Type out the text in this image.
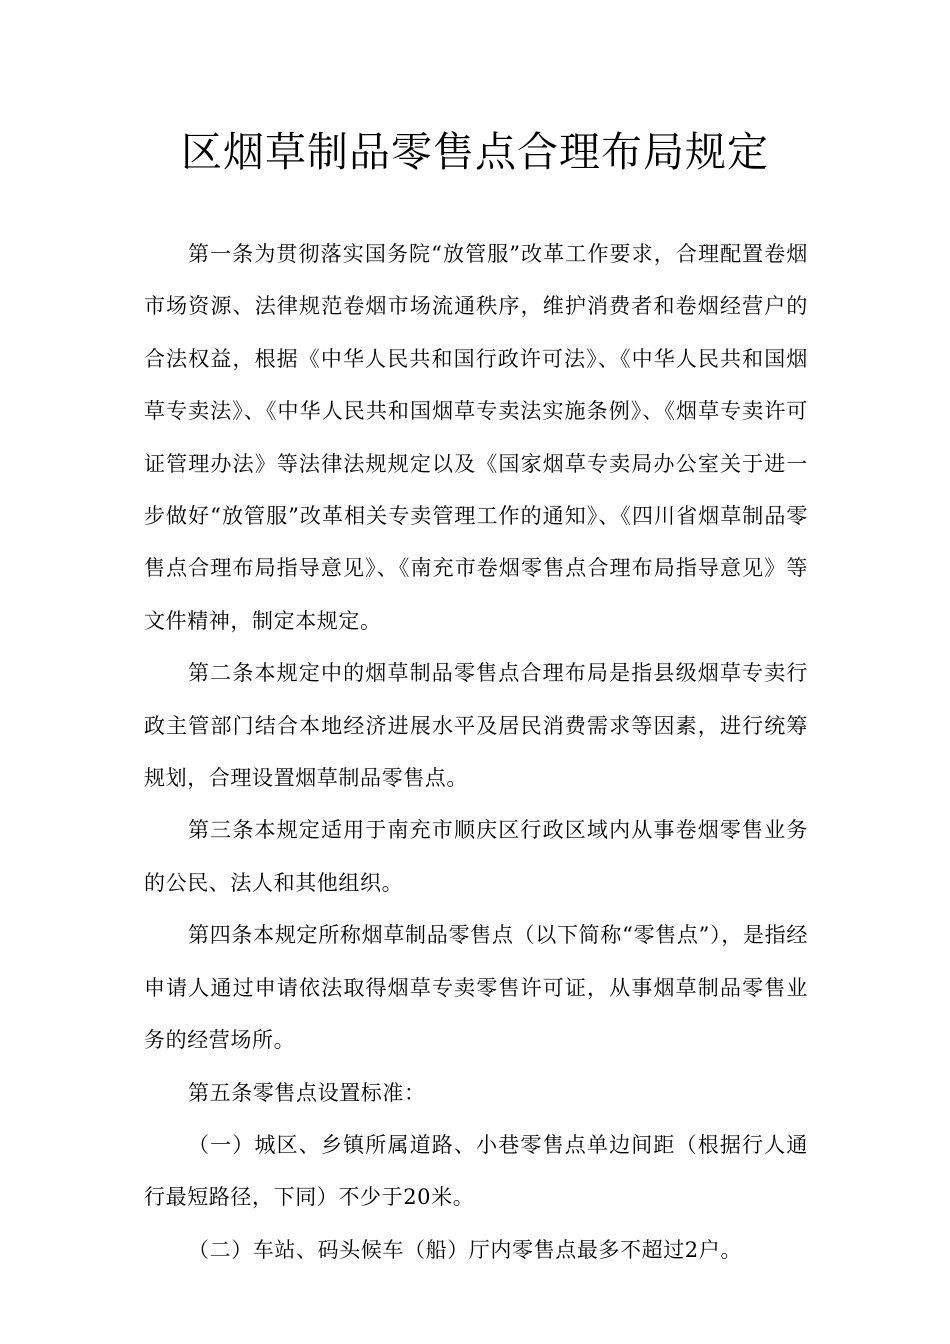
区烟草制品零售点合理布局规定

第一条为贯彻落实国务院“放管服”改革工作要求，合理配置卷烟市场资源、法律规范卷烟市场流通秩序，维护消费者和卷烟经营户的合法权益，根据《中华人民共和国行政许可法》、《中华人民共和国烟草专卖法》、《中华人民共和国烟草专卖法实施条例》、《烟草专卖许可证管理办法》等法律法规规定以及《国家烟草专卖局办公室关于进一步做好“放管服”改革相关专卖管理工作的通知》、《四川省烟草制品零售点合理布局指导意见》、《南充市卷烟零售点合理布局指导意见》等文件精神，制定本规定。

第二条本规定中的烟草制品零售点合理布局是指县级烟草专卖行政主管部门结合本地经济进展水平及居民消费需求等因素，进行统筹规划，合理设置烟草制品零售点。

第三条本规定适用于南充市顺庆区行政区域内从事卷烟零售业务的公民、法人和其他组织。

第四条本规定所称烟草制品零售点（以下简称“零售点”），是指经申请人通过申请依法取得烟草专卖零售许可证，从事烟草制品零售业务的经营场所。

第五条零售点设置标准：

（一）城区、乡镇所属道路、小巷零售点单边间距（根据行人通行最短路径，下同）不少于20米。

（二）车站、码头候车（船）厅内零售点最多不超过2户。
